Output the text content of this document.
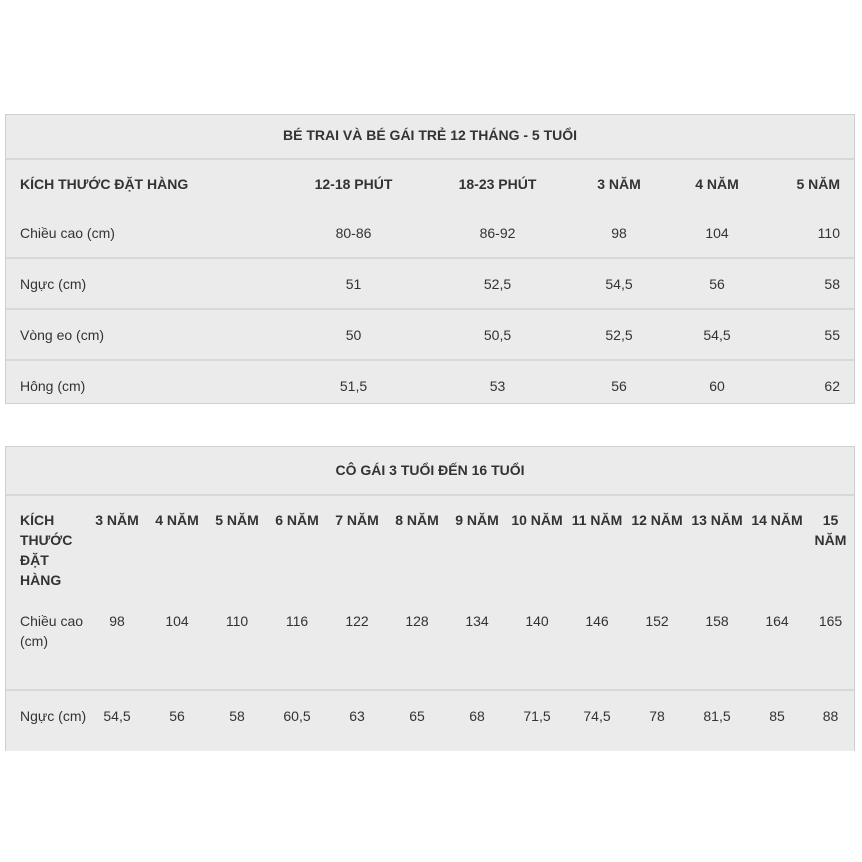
BÉ TRAI VÀ BÉ GÁI TRẺ 12 THÁNG - 5 TUỔI
KÍCH THƯỚC ĐẶT HÀNG	12-18 PHÚT	18-23 PHÚT	3 NĂM	4 NĂM	5 NĂM
Chiều cao (cm)	80-86	86-92	98	104	110
Ngực (cm)	51	52,5	54,5	56	58
Vòng eo (cm)	50	50,5	52,5	54,5	55
Hông (cm)	51,5	53	56	60	62
CÔ GÁI 3 TUỔI ĐẾN 16 TUỔI
KÍCH THƯỚC ĐẶT HÀNG	3 NĂM	4 NĂM	5 NĂM	6 NĂM	7 NĂM	8 NĂM	9 NĂM	10 NĂM	11 NĂM	12 NĂM	13 NĂM	14 NĂM	15 NĂM
Chiều cao (cm)	98	104	110	116	122	128	134	140	146	152	158	164	165
Ngực (cm)	54,5	56	58	60,5	63	65	68	71,5	74,5	78	81,5	85	88
